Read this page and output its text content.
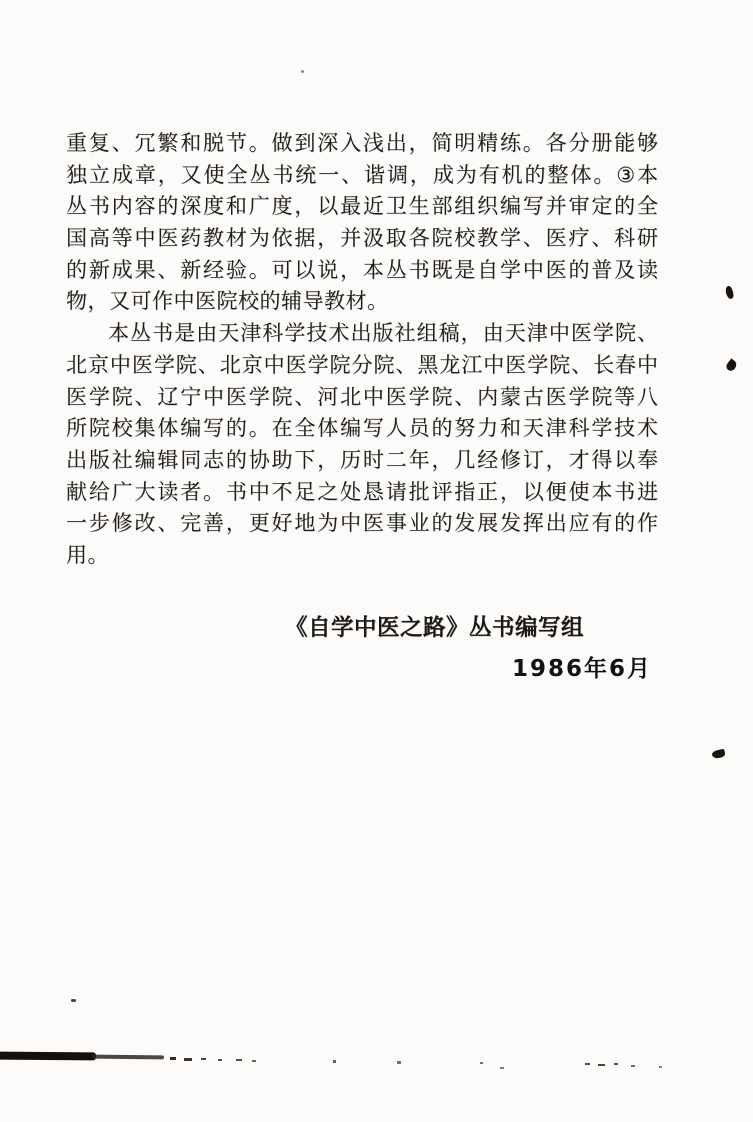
重复、冗繁和脱节。做到深入浅出，简明精练。各分册能够

独立成章，又使全丛书统一、谐调，成为有机的整体。③本

丛书内容的深度和广度，以最近卫生部组织编写并审定的全

国高等中医药教材为依据，并汲取各院校教学、医疗、科研

的新成果、新经验。可以说，本丛书既是自学中医的普及读

物，又可作中医院校的辅导教材。

本丛书是由天津科学技术出版社组稿，由天津中医学院、

北京中医学院、北京中医学院分院、黑龙江中医学院、长春中

医学院、辽宁中医学院、河北中医学院、内蒙古医学院等八

所院校集体编写的。在全体编写人员的努力和天津科学技术

出版社编辑同志的协助下，历时二年，几经修订，才得以奉

献给广大读者。书中不足之处恳请批评指正，以便使本书进

一步修改、完善，更好地为中医事业的发展发挥出应有的作

用。

《自学中医之路》丛书编写组
1986年6月
